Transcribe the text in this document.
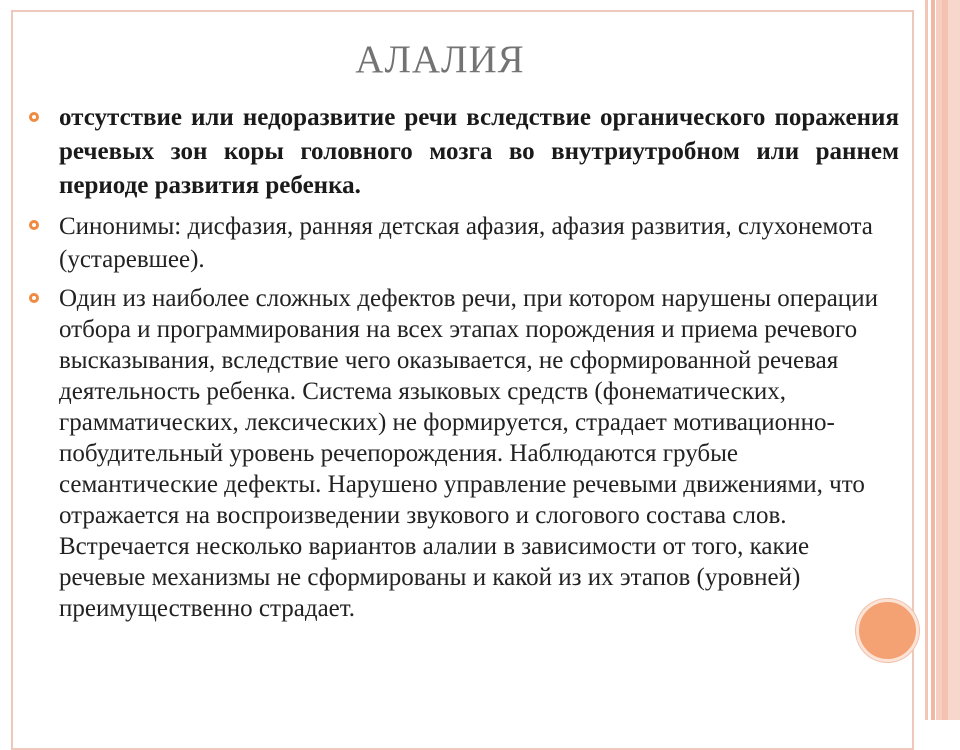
АЛАЛИЯ

отсутствие или недоразвитие речи вследствие органического поражения речевых зон коры головного мозга во внутриутробном или раннем периоде развития ребенка.

Синонимы: дисфазия, ранняя детская афазия, афазия развития, слухонемота (устаревшее).

Один из наиболее сложных дефектов речи, при котором нарушены операции отбора и программирования на всех этапах порождения и приема речевого высказывания, вследствие чего оказывается, не сформированной речевая деятельность ребенка. Система языковых средств (фонематических, грамматических, лексических) не формируется, страдает мотивационно-побудительный уровень речепорождения. Наблюдаются грубые семантические дефекты. Нарушено управление речевыми движениями, что отражается на воспроизведении звукового и слогового состава слов. Встречается несколько вариантов алалии в зависимости от того, какие речевые механизмы не сформированы и какой из их этапов (уровней) преимущественно страдает.
